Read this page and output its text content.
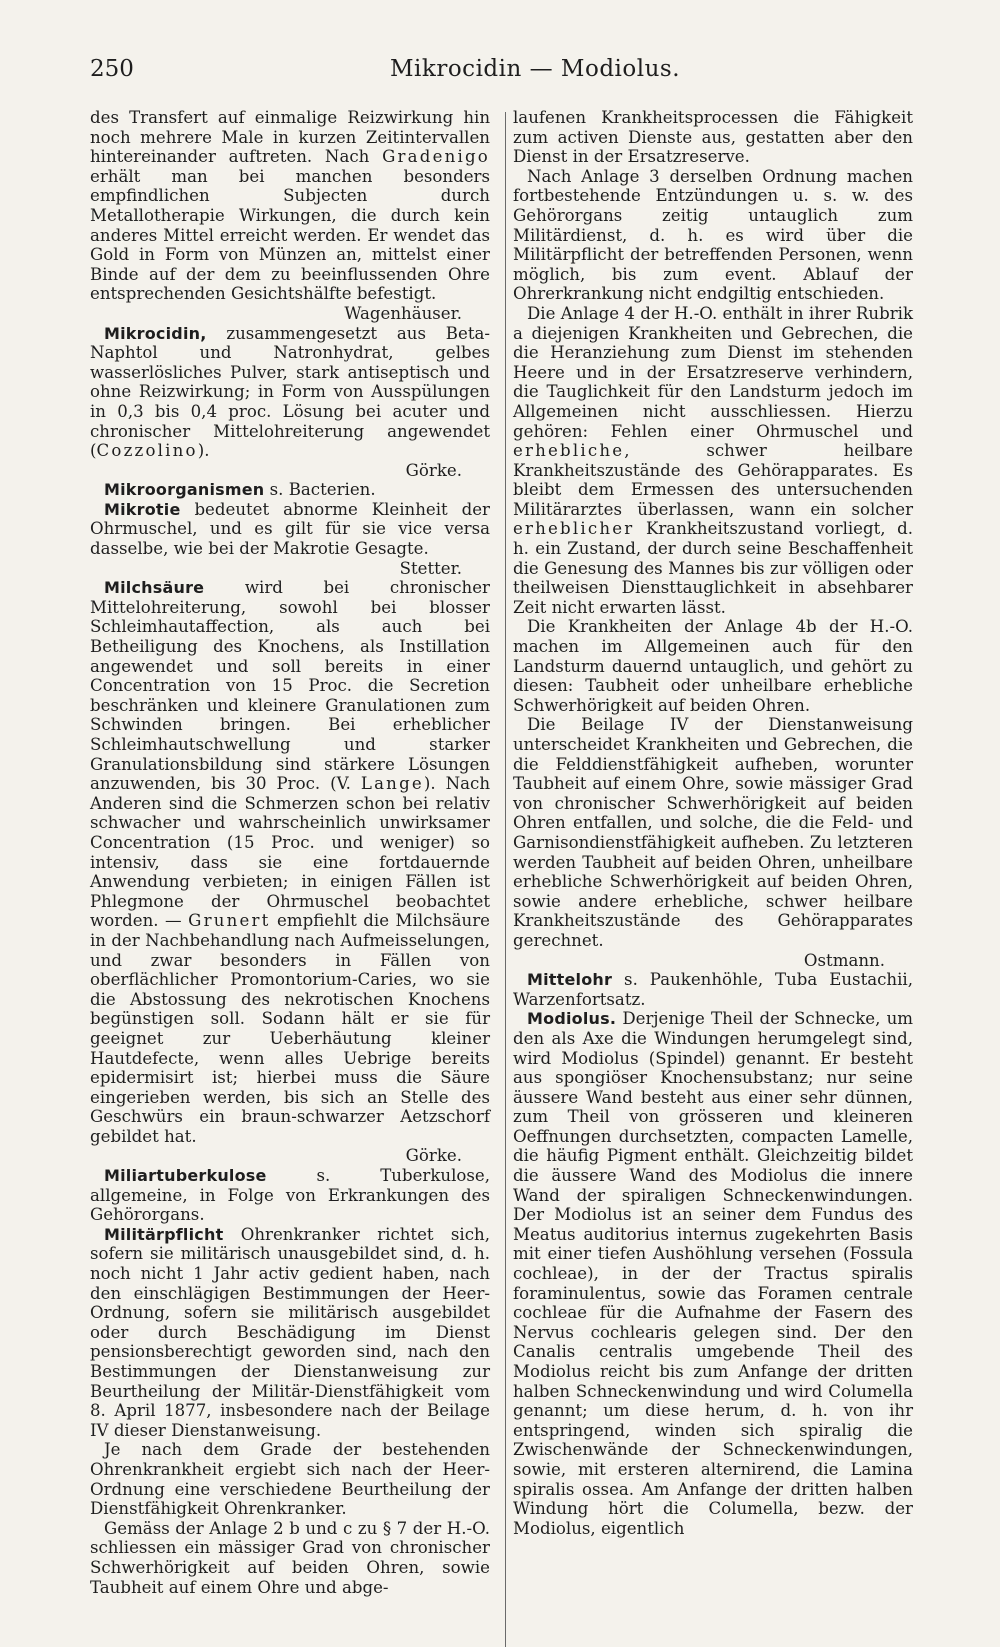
250	Mikrocidin — Modiolus.

des Transfert auf einmalige Reizwirkung hin noch mehrere Male in kurzen Zeitintervallen hintereinander auftreten. Nach Gradenigo erhält man bei manchen besonders empfindlichen Subjecten durch Metallotherapie Wirkungen, die durch kein anderes Mittel erreicht werden. Er wendet das Gold in Form von Münzen an, mittelst einer Binde auf der dem zu beeinflussenden Ohre entsprechenden Gesichtshälfte befestigt.
Wagenhäuser.

Mikrocidin, zusammengesetzt aus Beta-Naphtol und Natronhydrat, gelbes wasserlösliches Pulver, stark antiseptisch und ohne Reizwirkung; in Form von Ausspülungen in 0,3 bis 0,4 proc. Lösung bei acuter und chronischer Mittelohreiterung angewendet (Cozzolino).
Görke.

Mikroorganismen s. Bacterien.

Mikrotie bedeutet abnorme Kleinheit der Ohrmuschel, und es gilt für sie vice versa dasselbe, wie bei der Makrotie Gesagte.
Stetter.

Milchsäure wird bei chronischer Mittelohreiterung, sowohl bei blosser Schleimhautaffection, als auch bei Betheiligung des Knochens, als Instillation angewendet und soll bereits in einer Concentration von 15 Proc. die Secretion beschränken und kleinere Granulationen zum Schwinden bringen. Bei erheblicher Schleimhautschwellung und starker Granulationsbildung sind stärkere Lösungen anzuwenden, bis 30 Proc. (V. Lange). Nach Anderen sind die Schmerzen schon bei relativ schwacher und wahrscheinlich unwirksamer Concentration (15 Proc. und weniger) so intensiv, dass sie eine fortdauernde Anwendung verbieten; in einigen Fällen ist Phlegmone der Ohrmuschel beobachtet worden. — Grunert empfiehlt die Milchsäure in der Nachbehandlung nach Aufmeisselungen, und zwar besonders in Fällen von oberflächlicher Promontorium-Caries, wo sie die Abstossung des nekrotischen Knochens begünstigen soll. Sodann hält er sie für geeignet zur Ueberhäutung kleiner Hautdefecte, wenn alles Uebrige bereits epidermisirt ist; hierbei muss die Säure eingerieben werden, bis sich an Stelle des Geschwürs ein braun-schwarzer Aetzschorf gebildet hat.
Görke.

Miliartuberkulose s. Tuberkulose, allgemeine, in Folge von Erkrankungen des Gehörorgans.

Militärpflicht Ohrenkranker richtet sich, sofern sie militärisch unausgebildet sind, d. h. noch nicht 1 Jahr activ gedient haben, nach den einschlägigen Bestimmungen der Heer-Ordnung, sofern sie militärisch ausgebildet oder durch Beschädigung im Dienst pensionsberechtigt geworden sind, nach den Bestimmungen der Dienstanweisung zur Beurtheilung der Militär-Dienstfähigkeit vom 8. April 1877, insbesondere nach der Beilage IV dieser Dienstanweisung.

Je nach dem Grade der bestehenden Ohrenkrankheit ergiebt sich nach der Heer-Ordnung eine verschiedene Beurtheilung der Dienstfähigkeit Ohrenkranker.

Gemäss der Anlage 2 b und c zu § 7 der H.-O. schliessen ein mässiger Grad von chronischer Schwerhörigkeit auf beiden Ohren, sowie Taubheit auf einem Ohre und abge-

laufenen Krankheitsprocessen die Fähigkeit zum activen Dienste aus, gestatten aber den Dienst in der Ersatzreserve.

Nach Anlage 3 derselben Ordnung machen fortbestehende Entzündungen u. s. w. des Gehörorgans zeitig untauglich zum Militärdienst, d. h. es wird über die Militärpflicht der betreffenden Personen, wenn möglich, bis zum event. Ablauf der Ohrerkrankung nicht endgiltig entschieden.

Die Anlage 4 der H.-O. enthält in ihrer Rubrik a diejenigen Krankheiten und Gebrechen, die die Heranziehung zum Dienst im stehenden Heere und in der Ersatzreserve verhindern, die Tauglichkeit für den Landsturm jedoch im Allgemeinen nicht ausschliessen. Hierzu gehören: Fehlen einer Ohrmuschel und erhebliche, schwer heilbare Krankheitszustände des Gehörapparates. Es bleibt dem Ermessen des untersuchenden Militärarztes überlassen, wann ein solcher erheblicher Krankheitszustand vorliegt, d. h. ein Zustand, der durch seine Beschaffenheit die Genesung des Mannes bis zur völligen oder theilweisen Diensttauglichkeit in absehbarer Zeit nicht erwarten lässt.

Die Krankheiten der Anlage 4b der H.-O. machen im Allgemeinen auch für den Landsturm dauernd untauglich, und gehört zu diesen: Taubheit oder unheilbare erhebliche Schwerhörigkeit auf beiden Ohren.

Die Beilage IV der Dienstanweisung unterscheidet Krankheiten und Gebrechen, die die Felddienstfähigkeit aufheben, worunter Taubheit auf einem Ohre, sowie mässiger Grad von chronischer Schwerhörigkeit auf beiden Ohren entfallen, und solche, die die Feld- und Garnisondienstfähigkeit aufheben. Zu letzteren werden Taubheit auf beiden Ohren, unheilbare erhebliche Schwerhörigkeit auf beiden Ohren, sowie andere erhebliche, schwer heilbare Krankheitszustände des Gehörapparates gerechnet.
Ostmann.

Mittelohr s. Paukenhöhle, Tuba Eustachii, Warzenfortsatz.

Modiolus. Derjenige Theil der Schnecke, um den als Axe die Windungen herumgelegt sind, wird Modiolus (Spindel) genannt. Er besteht aus spongiöser Knochensubstanz; nur seine äussere Wand besteht aus einer sehr dünnen, zum Theil von grösseren und kleineren Oeffnungen durchsetzten, compacten Lamelle, die häufig Pigment enthält. Gleichzeitig bildet die äussere Wand des Modiolus die innere Wand der spiraligen Schneckenwindungen. Der Modiolus ist an seiner dem Fundus des Meatus auditorius internus zugekehrten Basis mit einer tiefen Aushöhlung versehen (Fossula cochleae), in der der Tractus spiralis foraminulentus, sowie das Foramen centrale cochleae für die Aufnahme der Fasern des Nervus cochlearis gelegen sind. Der den Canalis centralis umgebende Theil des Modiolus reicht bis zum Anfange der dritten halben Schneckenwindung und wird Columella genannt; um diese herum, d. h. von ihr entspringend, winden sich spiralig die Zwischenwände der Schneckenwindungen, sowie, mit ersteren alternirend, die Lamina spiralis ossea. Am Anfange der dritten halben Windung hört die Columella, bezw. der Modiolus, eigentlich
